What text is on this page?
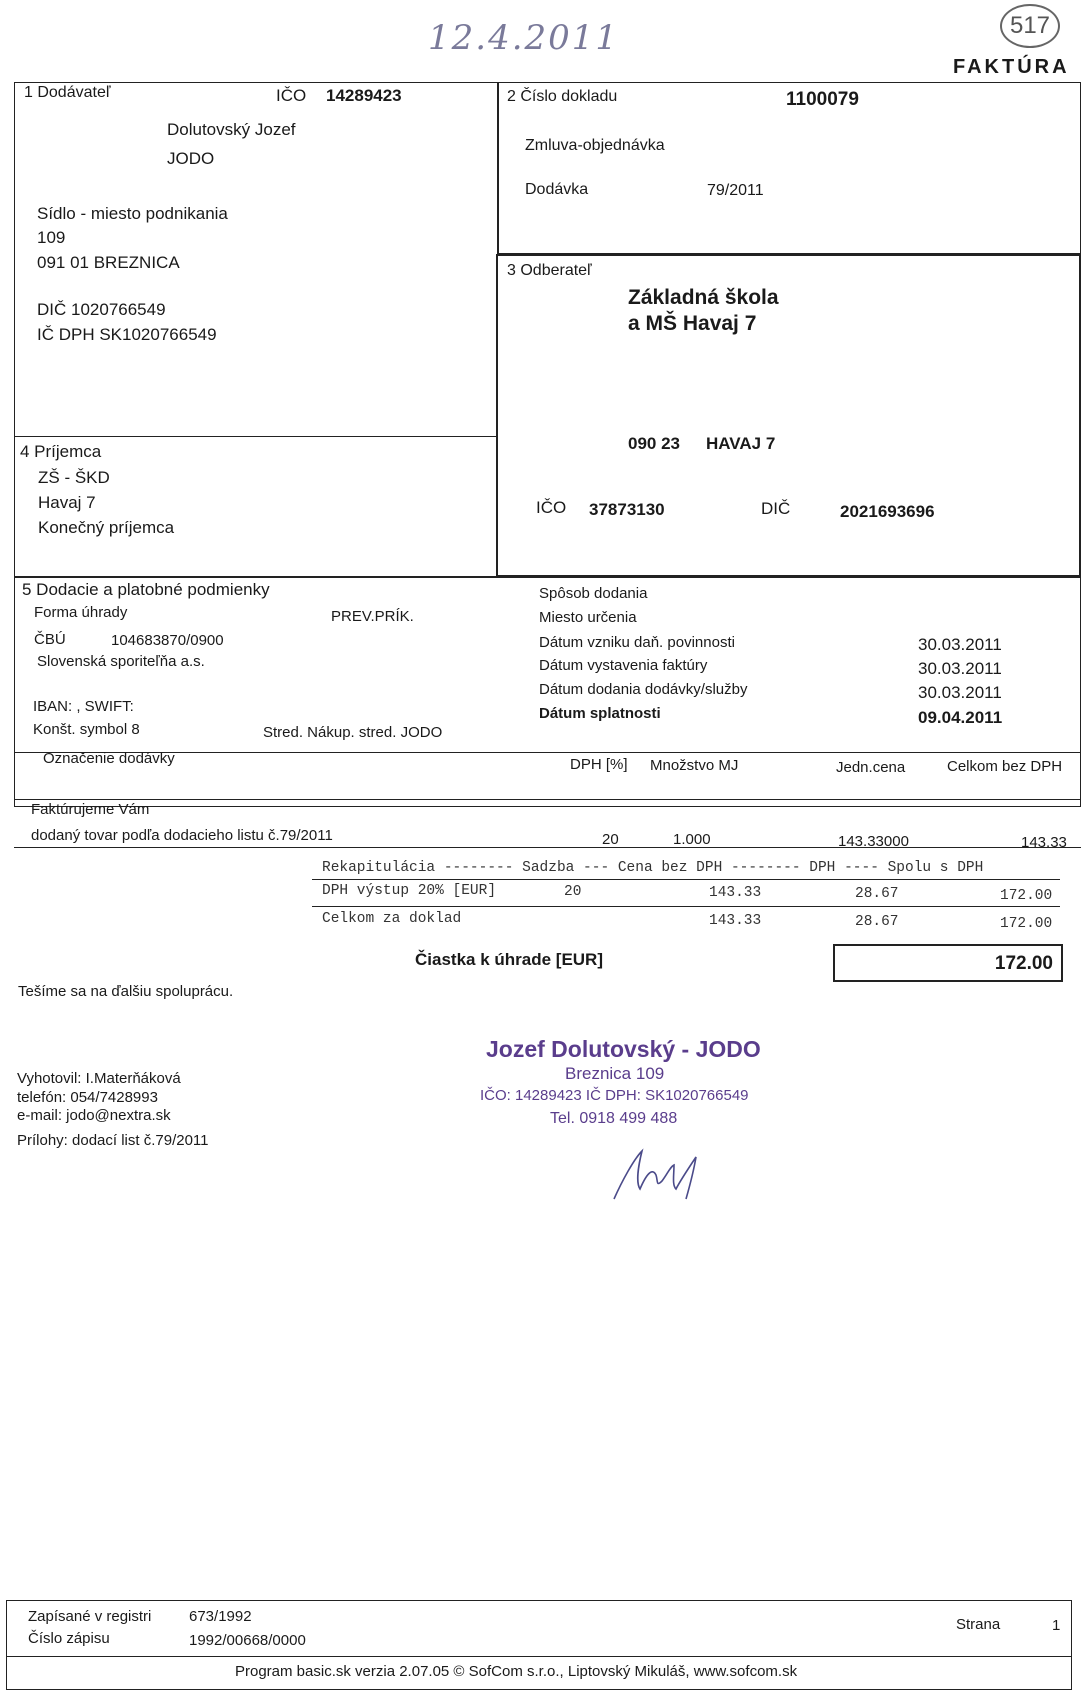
12.4.2011	517
FAKTÚRA
1 Dodávateľ	IČO 14289423
Dolutovský Jozef
JODO
Sídlo - miesto podnikania
109
091 01 BREZNICA
DIČ 1020766549
IČ DPH SK1020766549
2 Číslo dokladu	1100079
Zmluva-objednávka
Dodávka	79/2011
3 Odberateľ
Základná škola
a MŠ Havaj 7
090 23 HAVAJ 7
IČO 37873130	DIČ	2021693696
4 Príjemca
ZŠ - ŠKD
Havaj 7
Konečný príjemca
5 Dodacie a platobné podmienky
Forma úhrady	PREV.PRÍK.
ČBÚ	104683870/0900
Slovenská sporiteľňa a.s.
IBAN: , SWIFT:
Konšt. symbol 8	Stred. Nákup. stred. JODO
Spôsob dodania
Miesto určenia
Dátum vzniku daň. povinnosti	30.03.2011
Dátum vystavenia faktúry	30.03.2011
Dátum dodania dodávky/služby	30.03.2011
Dátum splatnosti	09.04.2011
Označenie dodávky	DPH [%] Množstvo MJ	Jedn.cena	Celkom bez DPH
Faktúrujeme Vám
dodaný tovar podľa dodacieho listu č.79/2011	20	1.000	143.33000	143.33
Rekapitulácia -------- Sadzba --- Cena bez DPH -------- DPH ---- Spolu s DPH
DPH výstup 20% [EUR]	20	143.33	28.67	172.00
Celkom za doklad	143.33	28.67	172.00
Čiastka k úhrade [EUR]	172.00
Tešíme sa na ďalšiu spoluprácu.
Vyhotovil: I.Materňáková
telefón: 054/7428993
e-mail: jodo@nextra.sk
Prílohy: dodací list č.79/2011
Jozef Dolutovský - JODO
Breznica 109
IČO: 14289423 IČ DPH: SK1020766549
Tel. 0918 499 488
Zapísané v registri	673/1992
Číslo zápisu	1992/00668/0000
Strana	1
Program basic.sk verzia 2.07.05 © SofCom s.r.o., Liptovský Mikuláš, www.sofcom.sk
